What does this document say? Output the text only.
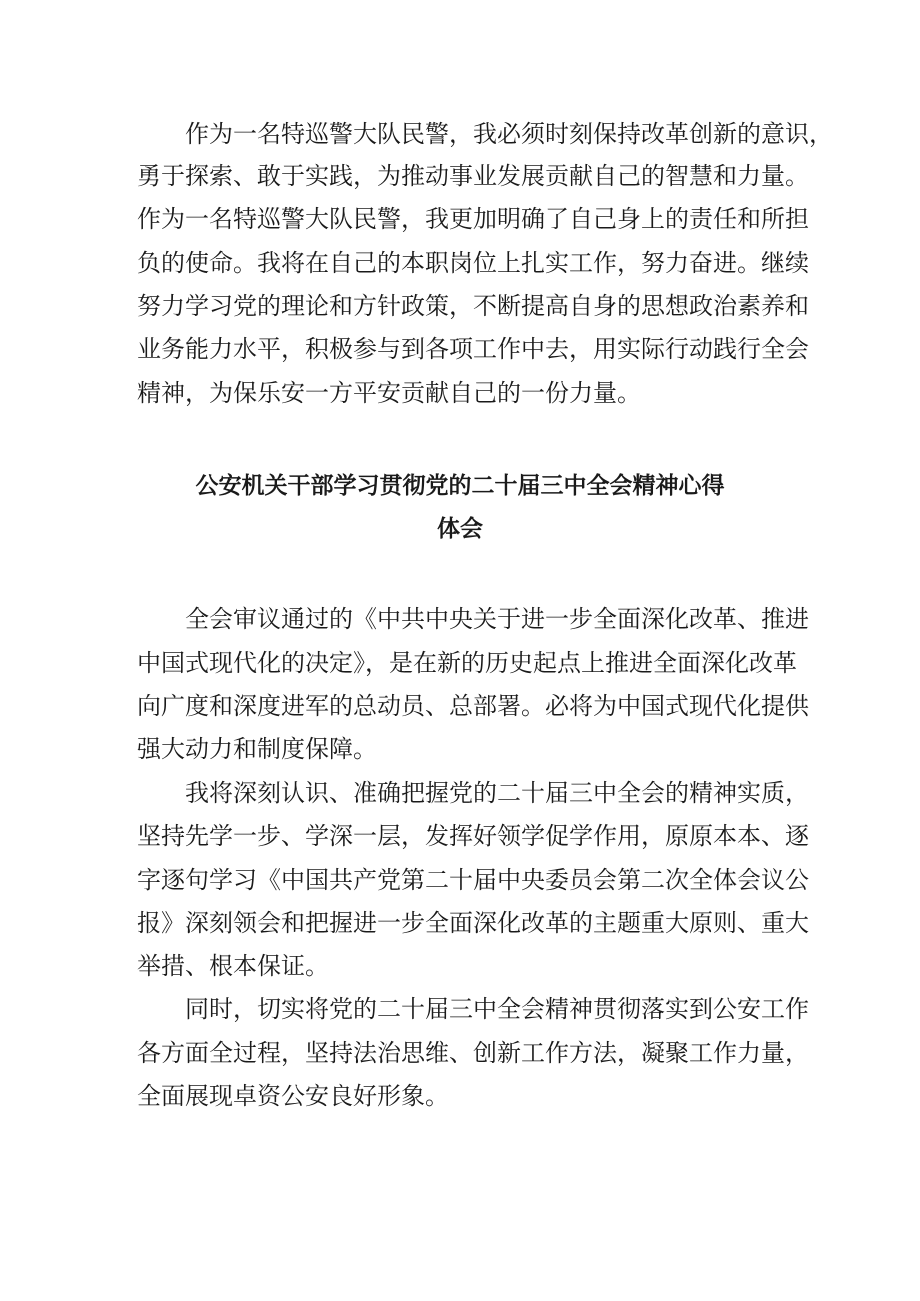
作为一名特巡警大队民警，我必须时刻保持改革创新的意识，
勇于探索、敢于实践，为推动事业发展贡献自己的智慧和力量。
作为一名特巡警大队民警，我更加明确了自己身上的责任和所担
负的使命。我将在自己的本职岗位上扎实工作，努力奋进。继续
努力学习党的理论和方针政策，不断提高自身的思想政治素养和
业务能力水平，积极参与到各项工作中去，用实际行动践行全会
精神，为保乐安一方平安贡献自己的一份力量。
公安机关干部学习贯彻党的二十届三中全会精神心得
体会
全会审议通过的《中共中央关于进一步全面深化改革、推进
中国式现代化的决定》，是在新的历史起点上推进全面深化改革
向广度和深度进军的总动员、总部署。必将为中国式现代化提供
强大动力和制度保障。
我将深刻认识、准确把握党的二十届三中全会的精神实质，
坚持先学一步、学深一层，发挥好领学促学作用，原原本本、逐
字逐句学习《中国共产党第二十届中央委员会第二次全体会议公
报》深刻领会和把握进一步全面深化改革的主题重大原则、重大
举措、根本保证。
同时，切实将党的二十届三中全会精神贯彻落实到公安工作
各方面全过程，坚持法治思维、创新工作方法，凝聚工作力量，
全面展现卓资公安良好形象。
